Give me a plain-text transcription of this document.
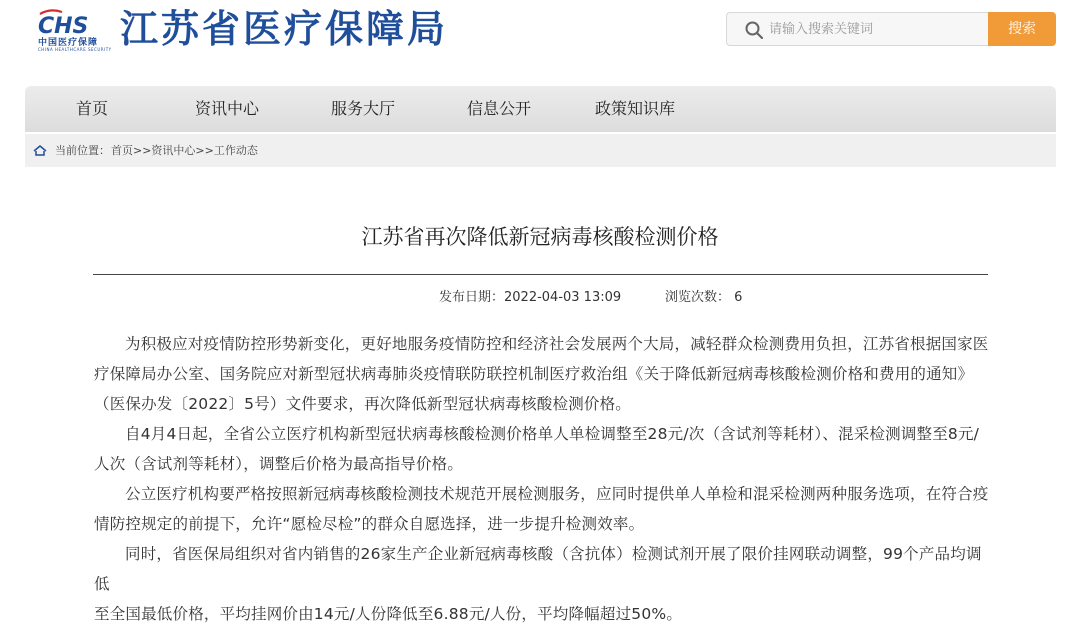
CHS
中国医疗保障
CHINA HEALTHCARE SECURITY 江苏省医疗保障局
请输入搜索关键词	搜索
首页	资讯中心	服务大厅	信息公开	政策知识库
当前位置： 首页>>资讯中心>>工作动态
江苏省再次降低新冠病毒核酸检测价格
发布日期：2022-04-03 13:09	浏览次数： 6

为积极应对疫情防控形势新变化，更好地服务疫情防控和经济社会发展两个大局，减轻群众检测费用负担，江苏省根据国家医

疗保障局办公室、国务院应对新型冠状病毒肺炎疫情联防联控机制医疗救治组《关于降低新冠病毒核酸检测价格和费用的通知》

（医保办发〔2022〕5号）文件要求，再次降低新型冠状病毒核酸检测价格。

自4月4日起，全省公立医疗机构新型冠状病毒核酸检测价格单人单检调整至28元/次（含试剂等耗材）、混采检测调整至8元/

人次（含试剂等耗材），调整后价格为最高指导价格。

公立医疗机构要严格按照新冠病毒核酸检测技术规范开展检测服务，应同时提供单人单检和混采检测两种服务选项，在符合疫

情防控规定的前提下，允许“愿检尽检”的群众自愿选择，进一步提升检测效率。

同时，省医保局组织对省内销售的26家生产企业新冠病毒核酸（含抗体）检测试剂开展了限价挂网联动调整，99个产品均调低

至全国最低价格，平均挂网价由14元/人份降低至6.88元/人份，平均降幅超过50%。
